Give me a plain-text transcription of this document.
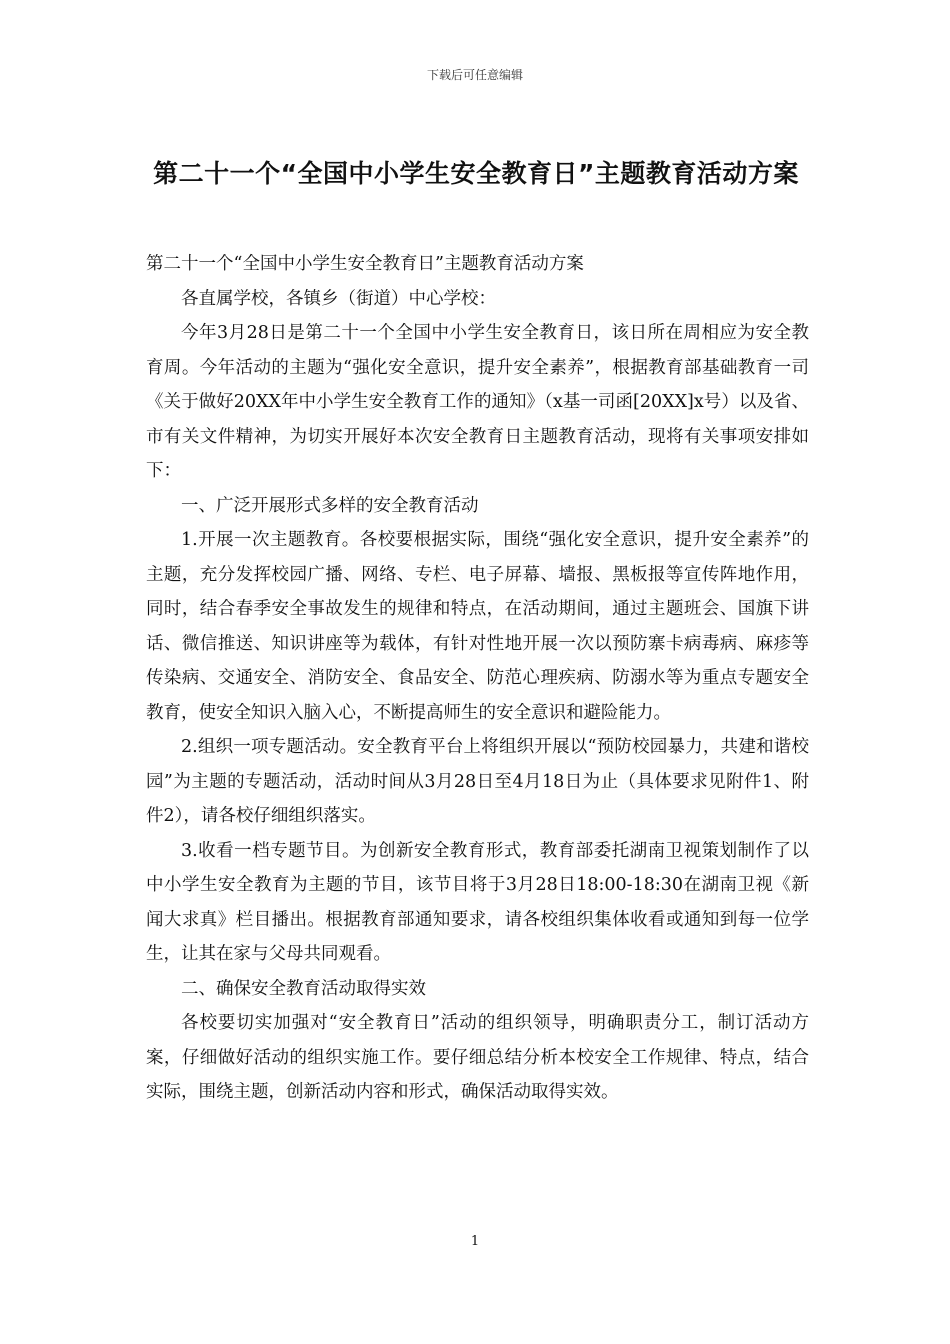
下载后可任意编辑
第二十一个“全国中小学生安全教育日”主题教育活动方案

第二十一个“全国中小学生安全教育日”主题教育活动方案

各直属学校，各镇乡（街道）中心学校：

今年3月28日是第二十一个全国中小学生安全教育日，该日所在周相应为安全教育周。今年活动的主题为“强化安全意识，提升安全素养”，根据教育部基础教育一司《关于做好20XX年中小学生安全教育工作的通知》（x基一司函[20XX]x号）以及省、市有关文件精神，为切实开展好本次安全教育日主题教育活动，现将有关事项安排如下：

一、广泛开展形式多样的安全教育活动

1.开展一次主题教育。各校要根据实际，围绕“强化安全意识，提升安全素养”的主题，充分发挥校园广播、网络、专栏、电子屏幕、墙报、黑板报等宣传阵地作用，同时，结合春季安全事故发生的规律和特点，在活动期间，通过主题班会、国旗下讲话、微信推送、知识讲座等为载体，有针对性地开展一次以预防寨卡病毒病、麻疹等传染病、交通安全、消防安全、食品安全、防范心理疾病、防溺水等为重点专题安全教育，使安全知识入脑入心，不断提高师生的安全意识和避险能力。

2.组织一项专题活动。安全教育平台上将组织开展以“预防校园暴力，共建和谐校园”为主题的专题活动，活动时间从3月28日至4月18日为止（具体要求见附件1、附件2），请各校仔细组织落实。

3.收看一档专题节目。为创新安全教育形式，教育部委托湖南卫视策划制作了以中小学生安全教育为主题的节目，该节目将于3月28日18:00-18:30在湖南卫视《新闻大求真》栏目播出。根据教育部通知要求，请各校组织集体收看或通知到每一位学生，让其在家与父母共同观看。

二、确保安全教育活动取得实效

各校要切实加强对“安全教育日”活动的组织领导，明确职责分工，制订活动方案，仔细做好活动的组织实施工作。要仔细总结分析本校安全工作规律、特点，结合实际，围绕主题，创新活动内容和形式，确保活动取得实效。

1
